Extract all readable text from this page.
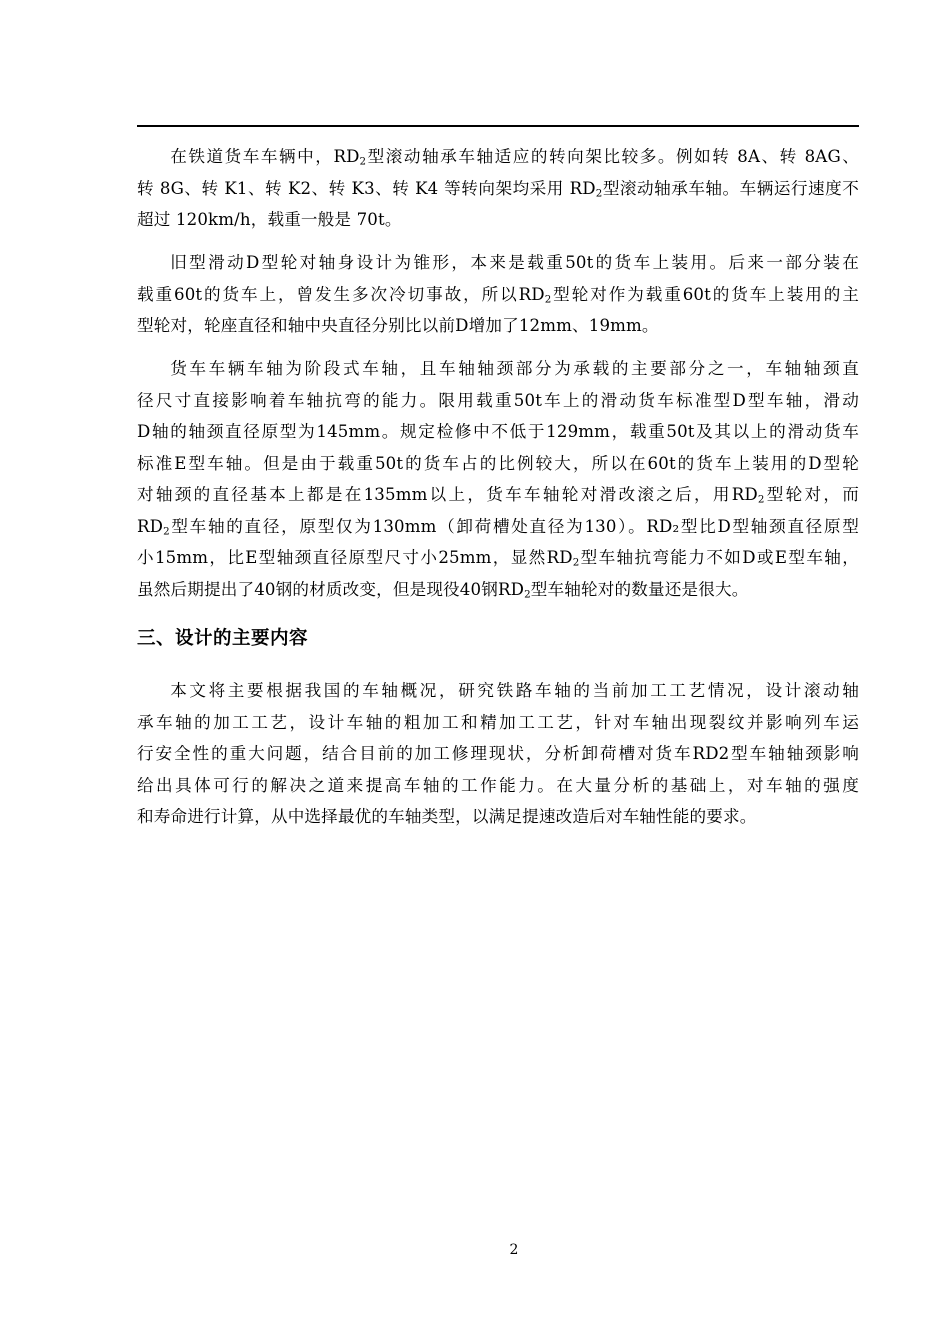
在铁道货车车辆中，$RD_2$型滚动轴承车轴适应的转向架比较多。例如转 8A、转 8AG、
转 8G、转 K1、转 K2、转 K3、转 K4 等转向架均采用 $RD_2$型滚动轴承车轴。车辆运行速度不
超过 120km/h，载重一般是 70t。
旧型滑动D型轮对轴身设计为锥形，本来是载重50t的货车上装用。后来一部分装在
载重60t的货车上，曾发生多次冷切事故，所以$RD_2$型轮对作为载重60t的货车上装用的主
型轮对，轮座直径和轴中央直径分别比以前D增加了12mm、19mm。
货车车辆车轴为阶段式车轴，且车轴轴颈部分为承载的主要部分之一，车轴轴颈直
径尺寸直接影响着车轴抗弯的能力。限用载重50t车上的滑动货车标准型D型车轴，滑动
D轴的轴颈直径原型为145mm。规定检修中不低于129mm，载重50t及其以上的滑动货车
标准E型车轴。但是由于载重50t的货车占的比例较大，所以在60t的货车上装用的D型轮
对轴颈的直径基本上都是在135mm以上，货车车轴轮对滑改滚之后，用$RD_2$型轮对，而
$RD_2$型车轴的直径，原型仅为130mm（卸荷槽处直径为130）。RD₂型比D型轴颈直径原型
小15mm，比E型轴颈直径原型尺寸小25mm，显然$RD_2$型车轴抗弯能力不如D或E型车轴，
虽然后期提出了40钢的材质改变，但是现役40钢$RD_2$型车轴轮对的数量还是很大。
三、设计的主要内容
本文将主要根据我国的车轴概况，研究铁路车轴的当前加工工艺情况，设计滚动轴
承车轴的加工工艺，设计车轴的粗加工和精加工工艺，针对车轴出现裂纹并影响列车运
行安全性的重大问题，结合目前的加工修理现状，分析卸荷槽对货车RD2型车轴轴颈影响
给出具体可行的解决之道来提高车轴的工作能力。在大量分析的基础上，对车轴的强度
和寿命进行计算，从中选择最优的车轴类型，以满足提速改造后对车轴性能的要求。
2
